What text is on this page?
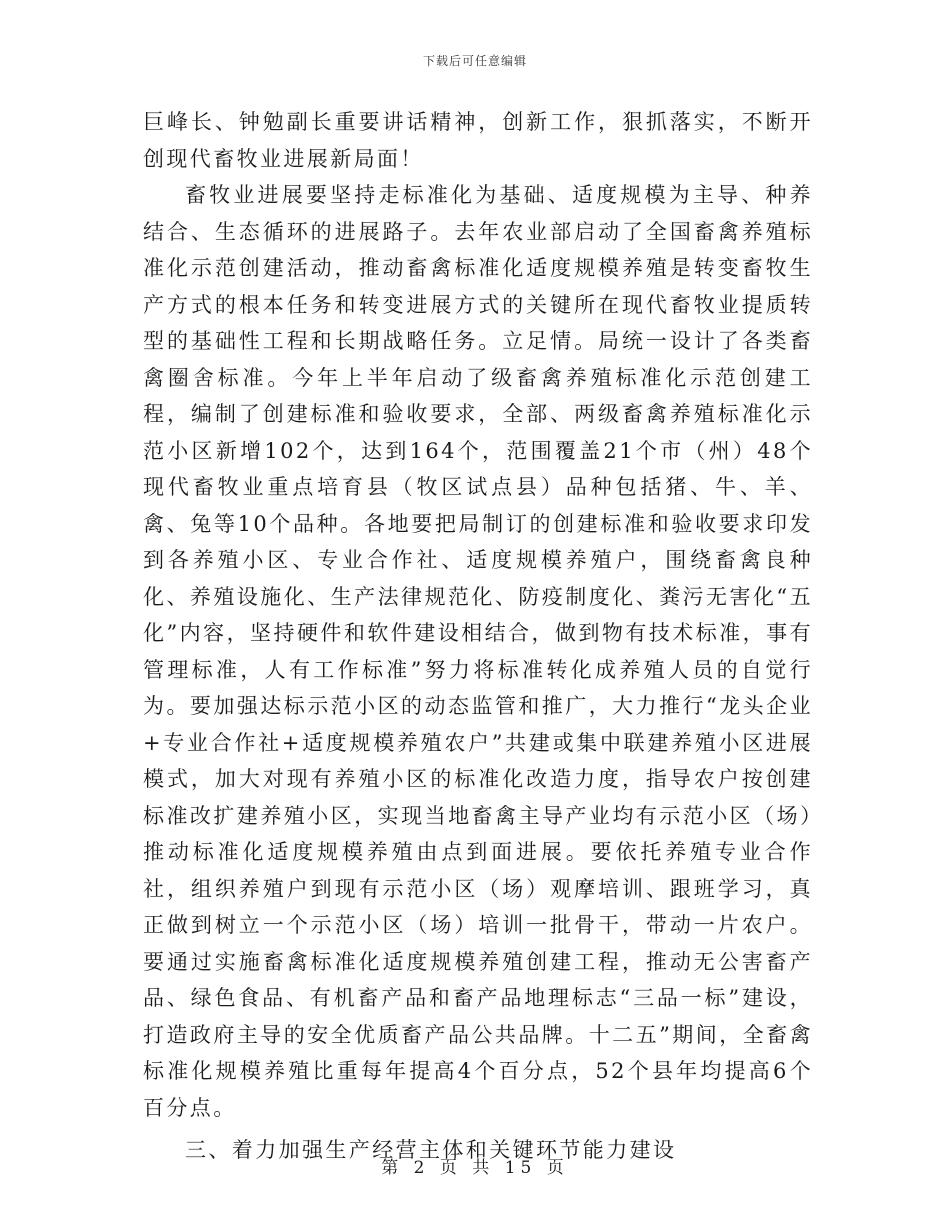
下载后可任意编辑

巨峰长、钟勉副长重要讲话精神，创新工作，狠抓落实，不断开创现代畜牧业进展新局面！

畜牧业进展要坚持走标准化为基础、适度规模为主导、种养结合、生态循环的进展路子。去年农业部启动了全国畜禽养殖标准化示范创建活动，推动畜禽标准化适度规模养殖是转变畜牧生产方式的根本任务和转变进展方式的关键所在现代畜牧业提质转型的基础性工程和长期战略任务。立足情。局统一设计了各类畜禽圈舍标准。今年上半年启动了级畜禽养殖标准化示范创建工程，编制了创建标准和验收要求，全部、两级畜禽养殖标准化示范小区新增102个，达到164个，范围覆盖21个市（州）48个现代畜牧业重点培育县（牧区试点县）品种包括猪、牛、羊、禽、兔等10个品种。各地要把局制订的创建标准和验收要求印发到各养殖小区、专业合作社、适度规模养殖户，围绕畜禽良种化、养殖设施化、生产法律规范化、防疫制度化、粪污无害化“五化”内容，坚持硬件和软件建设相结合，做到物有技术标准，事有管理标准，人有工作标准”努力将标准转化成养殖人员的自觉行为。要加强达标示范小区的动态监管和推广，大力推行“龙头企业+专业合作社+适度规模养殖农户”共建或集中联建养殖小区进展模式，加大对现有养殖小区的标准化改造力度，指导农户按创建标准改扩建养殖小区，实现当地畜禽主导产业均有示范小区（场）推动标准化适度规模养殖由点到面进展。要依托养殖专业合作社，组织养殖户到现有示范小区（场）观摩培训、跟班学习，真正做到树立一个示范小区（场）培训一批骨干，带动一片农户。要通过实施畜禽标准化适度规模养殖创建工程，推动无公害畜产品、绿色食品、有机畜产品和畜产品地理标志“三品一标”建设，打造政府主导的安全优质畜产品公共品牌。十二五”期间，全畜禽标准化规模养殖比重每年提高4个百分点，52个县年均提高6个百分点。

三、着力加强生产经营主体和关键环节能力建设

第 2 页 共 15 页
